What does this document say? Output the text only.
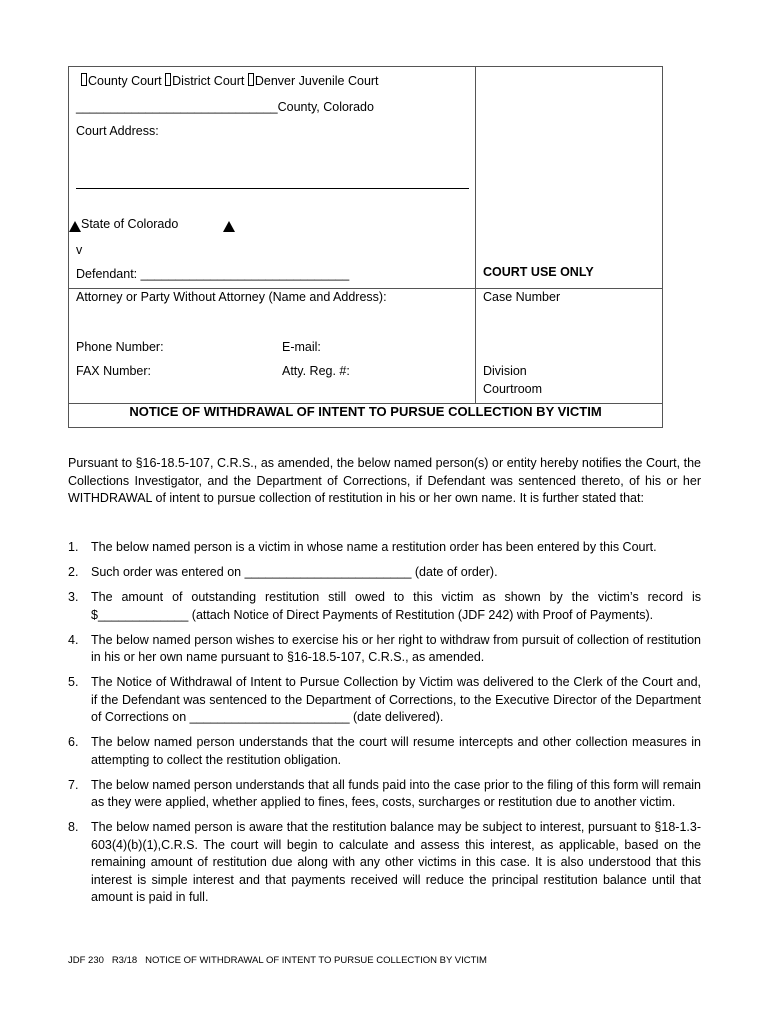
County Court District Court Denver Juvenile Court
_____________________________County, Colorado
Court Address:
State of Colorado
v
Defendant: ______________________________	COURT USE ONLY
Attorney or Party Without Attorney (Name and Address):	Case Number
Phone Number:	E-mail:
FAX Number:	Atty. Reg. #:	Division
Courtroom
NOTICE OF WITHDRAWAL OF INTENT TO PURSUE COLLECTION BY VICTIM
Pursuant to §16-18.5-107, C.R.S., as amended, the below named person(s) or entity hereby notifies the Court, the Collections Investigator, and the Department of Corrections, if Defendant was sentenced thereto, of his or her WITHDRAWAL of intent to pursue collection of restitution in his or her own name. It is further stated that:
1. The below named person is a victim in whose name a restitution order has been entered by this Court.
2. Such order was entered on ________________________ (date of order).
3. The amount of outstanding restitution still owed to this victim as shown by the victim’s record is $_____________ (attach Notice of Direct Payments of Restitution (JDF 242) with Proof of Payments).
4. The below named person wishes to exercise his or her right to withdraw from pursuit of collection of restitution in his or her own name pursuant to §16-18.5-107, C.R.S., as amended.
5. The Notice of Withdrawal of Intent to Pursue Collection by Victim was delivered to the Clerk of the Court and, if the Defendant was sentenced to the Department of Corrections, to the Executive Director of the Department of Corrections on _______________________ (date delivered).
6. The below named person understands that the court will resume intercepts and other collection measures in attempting to collect the restitution obligation.
7. The below named person understands that all funds paid into the case prior to the filing of this form will remain as they were applied, whether applied to fines, fees, costs, surcharges or restitution due to another victim.
8. The below named person is aware that the restitution balance may be subject to interest, pursuant to §18-1.3-603(4)(b)(1),C.R.S. The court will begin to calculate and assess this interest, as applicable, based on the remaining amount of restitution due along with any other victims in this case. It is also understood that this interest is simple interest and that payments received will reduce the principal restitution balance until that amount is paid in full.
JDF 230   R3/18   NOTICE OF WITHDRAWAL OF INTENT TO PURSUE COLLECTION BY VICTIM
